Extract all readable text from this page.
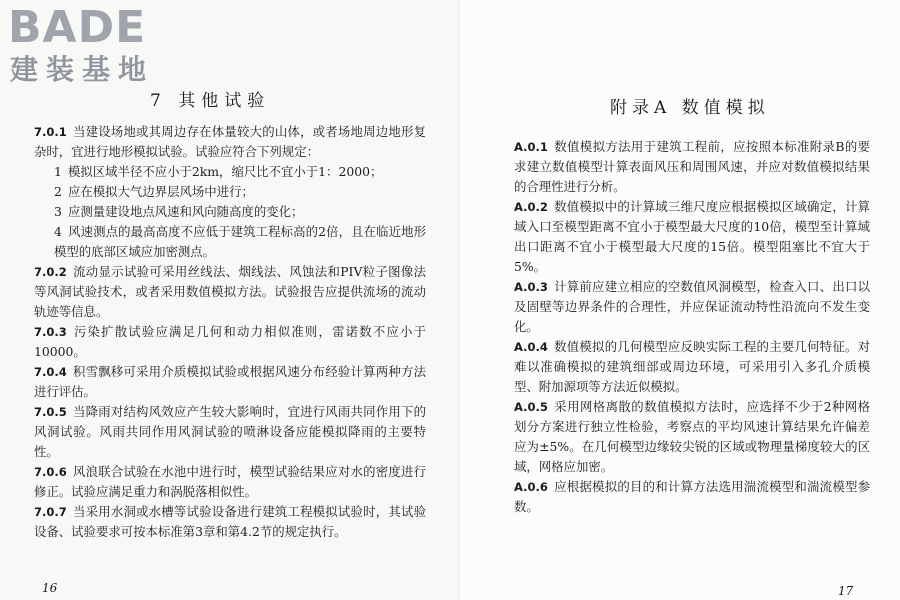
BADE
建装基地
7 其他试验

7.0.1 当建设场地或其周边存在体量较大的山体，或者场地周边地形复杂时，宜进行地形模拟试验。试验应符合下列规定：

1 模拟区域半径不应小于2km，缩尺比不宜小于1：2000；

2 应在模拟大气边界层风场中进行；

3 应测量建设地点风速和风向随高度的变化；

4 风速测点的最高高度不应低于建筑工程标高的2倍，且在临近地形模型的底部区域应加密测点。

7.0.2 流动显示试验可采用丝线法、烟线法、风蚀法和PIV粒子图像法等风洞试验技术，或者采用数值模拟方法。试验报告应提供流场的流动轨迹等信息。

7.0.3 污染扩散试验应满足几何和动力相似准则，雷诺数不应小于10000。

7.0.4 积雪飘移可采用介质模拟试验或根据风速分布经验计算两种方法进行评估。

7.0.5 当降雨对结构风效应产生较大影响时，宜进行风雨共同作用下的风洞试验。风雨共同作用风洞试验的喷淋设备应能模拟降雨的主要特性。

7.0.6 风浪联合试验在水池中进行时，模型试验结果应对水的密度进行修正。试验应满足重力和涡脱落相似性。

7.0.7 当采用水洞或水槽等试验设备进行建筑工程模拟试验时，其试验设备、试验要求可按本标准第3章和第4.2节的规定执行。

16
附录A 数值模拟

A.0.1 数值模拟方法用于建筑工程前，应按照本标准附录B的要求建立数值模型计算表面风压和周围风速，并应对数值模拟结果的合理性进行分析。

A.0.2 数值模拟中的计算域三维尺度应根据模拟区域确定，计算域入口至模型距离不宜小于模型最大尺度的10倍，模型至计算域出口距离不宜小于模型最大尺度的15倍。模型阻塞比不宜大于5%。

A.0.3 计算前应建立相应的空数值风洞模型，检查入口、出口以及固壁等边界条件的合理性，并应保证流动特性沿流向不发生变化。

A.0.4 数值模拟的几何模型应反映实际工程的主要几何特征。对难以准确模拟的建筑细部或周边环境，可采用引入多孔介质模型、附加源项等方法近似模拟。

A.0.5 采用网格离散的数值模拟方法时，应选择不少于2种网格划分方案进行独立性检验，考察点的平均风速计算结果允许偏差应为±5%。在几何模型边缘较尖锐的区域或物理量梯度较大的区域，网格应加密。

A.0.6 应根据模拟的目的和计算方法选用湍流模型和湍流模型参数。

17
